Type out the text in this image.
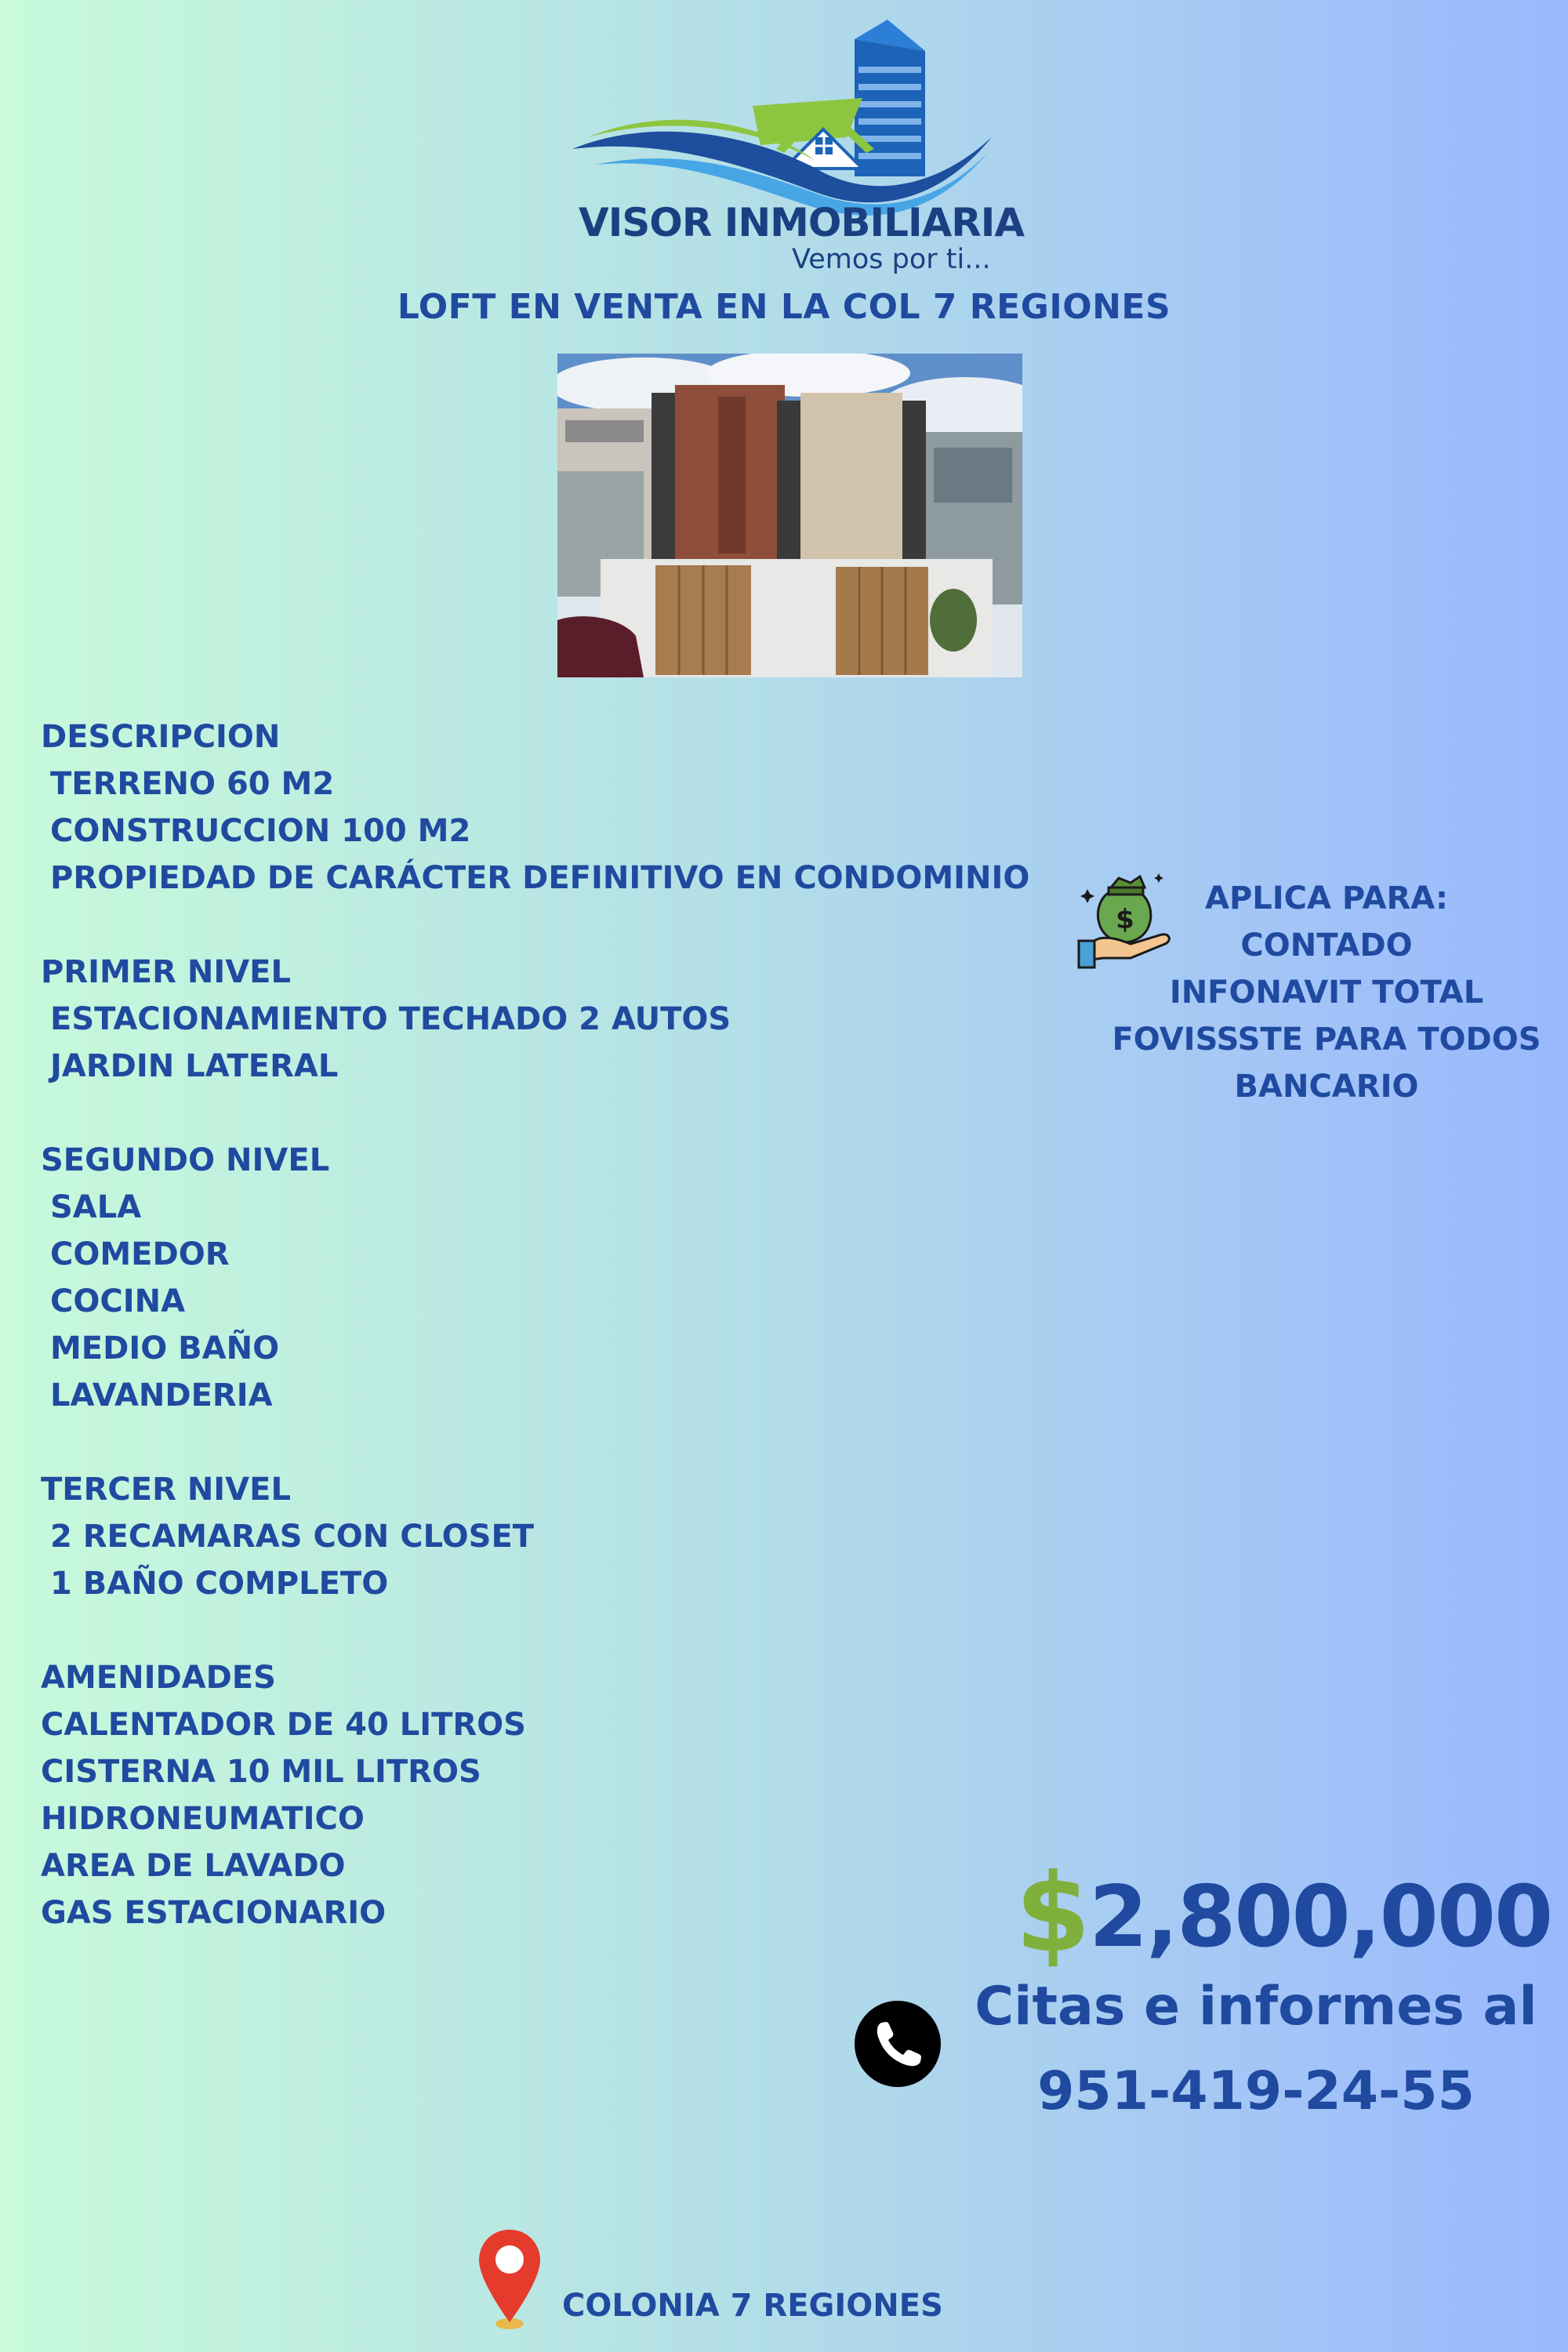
VISOR INMOBILIARIA
Vemos por ti...
LOFT EN VENTA EN LA COL 7 REGIONES
DESCRIPCION
TERRENO 60 M2
CONSTRUCCION 100 M2
PROPIEDAD DE CARÁCTER DEFINITIVO EN CONDOMINIO
PRIMER NIVEL
ESTACIONAMIENTO TECHADO 2 AUTOS
JARDIN LATERAL
SEGUNDO NIVEL
SALA
COMEDOR
COCINA
MEDIO BAÑO
LAVANDERIA
TERCER NIVEL
2 RECAMARAS CON CLOSET
1 BAÑO COMPLETO
AMENIDADES
CALENTADOR DE 40 LITROS
CISTERNA 10 MIL LITROS
HIDRONEUMATICO
AREA DE LAVADO
GAS ESTACIONARIO
$
APLICA PARA:
CONTADO
INFONAVIT TOTAL
FOVISSSTE PARA TODOS
BANCARIO
$2,800,000
Citas e informes al
951-419-24-55
COLONIA 7 REGIONES
